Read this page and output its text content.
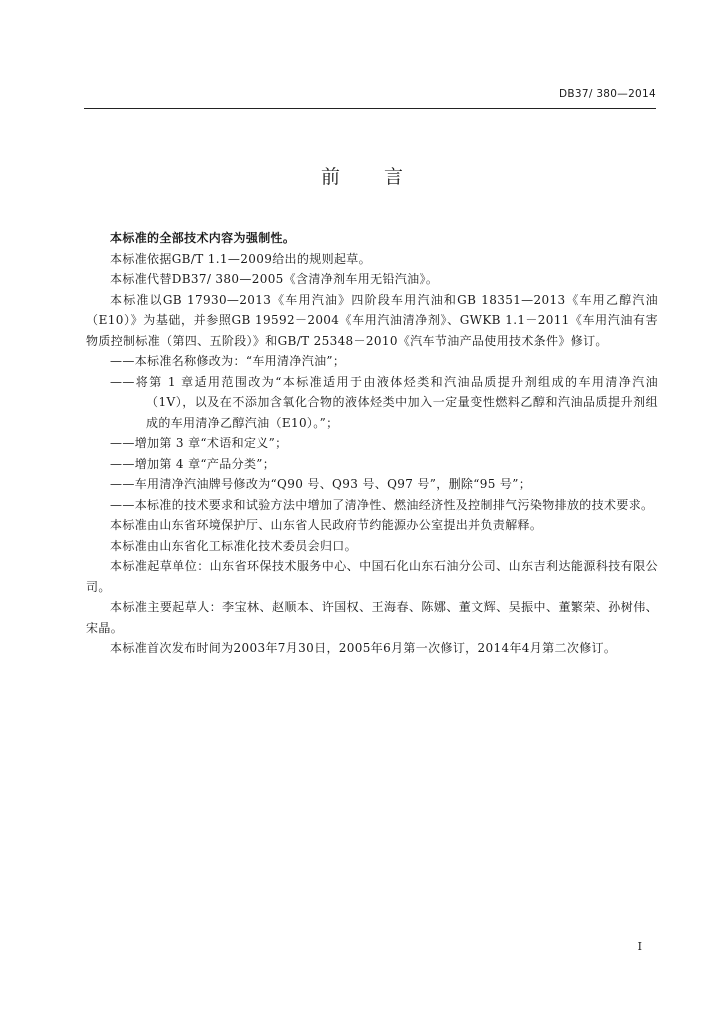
DB37/ 380—2014
前言

本标准的全部技术内容为强制性。

本标准依据GB/T 1.1—2009给出的规则起草。

本标准代替DB37/ 380—2005《含清净剂车用无铅汽油》。

本标准以GB 17930—2013《车用汽油》四阶段车用汽油和GB 18351—2013《车用乙醇汽油（E10）》为基础，并参照GB 19592－2004《车用汽油清净剂》、GWKB 1.1－2011《车用汽油有害物质控制标准（第四、五阶段）》和GB/T 25348－2010《汽车节油产品使用技术条件》修订。

——本标准名称修改为：“车用清净汽油”；

——将第 1 章适用范围改为“本标准适用于由液体烃类和汽油品质提升剂组成的车用清净汽油（1V），以及在不添加含氧化合物的液体烃类中加入一定量变性燃料乙醇和汽油品质提升剂组成的车用清净乙醇汽油（E10）。”；

——增加第 3 章“术语和定义”；

——增加第 4 章“产品分类”；

——车用清净汽油牌号修改为“Q90 号、Q93 号、Q97 号”，删除“95 号”；

——本标准的技术要求和试验方法中增加了清净性、燃油经济性及控制排气污染物排放的技术要求。

本标准由山东省环境保护厅、山东省人民政府节约能源办公室提出并负责解释。

本标准由山东省化工标准化技术委员会归口。

本标准起草单位：山东省环保技术服务中心、中国石化山东石油分公司、山东吉利达能源科技有限公司。

本标准主要起草人：李宝林、赵顺本、许国权、王海春、陈娜、董文辉、吴振中、董繁荣、孙树伟、宋晶。

本标准首次发布时间为2003年7月30日，2005年6月第一次修订，2014年4月第二次修订。

I
